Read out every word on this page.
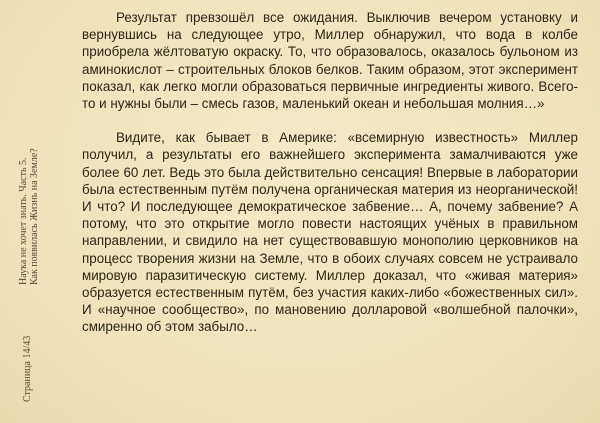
Наука не хочет знать. Часть 5. Как появилась Жизнь на Земле?
Страница 14/43

Результат превзошёл все ожидания. Выключив вечером установку и вернувшись на следующее утро, Миллер обнаружил, что вода в колбе приобрела жёлтоватую окраску. То, что образовалось, оказалось бульоном из аминокислот – строительных блоков белков. Таким образом, этот эксперимент показал, как легко могли образоваться первичные ингредиенты живого. Всего-то и нужны были – смесь газов, маленький океан и небольшая молния…»

Видите, как бывает в Америке: «всемирную известность» Миллер получил, а результаты его важнейшего эксперимента замалчиваются уже более 60 лет. Ведь это была действительно сенсация! Впервые в лаборатории была естественным путём получена органическая материя из неорганической! И что? И последующее демократическое забвение… А, почему забвение? А потому, что это открытие могло повести настоящих учёных в правильном направлении, и свидило на нет существовавшую монополию церковников на процесс творения жизни на Земле, что в обоих случаях совсем не устраивало мировую паразитическую систему. Миллер доказал, что «живая материя» образуется естественным путём, без участия каких-либо «божественных сил». И «научное сообщество», по мановению долларовой «волшебной палочки», смиренно об этом забыло…
